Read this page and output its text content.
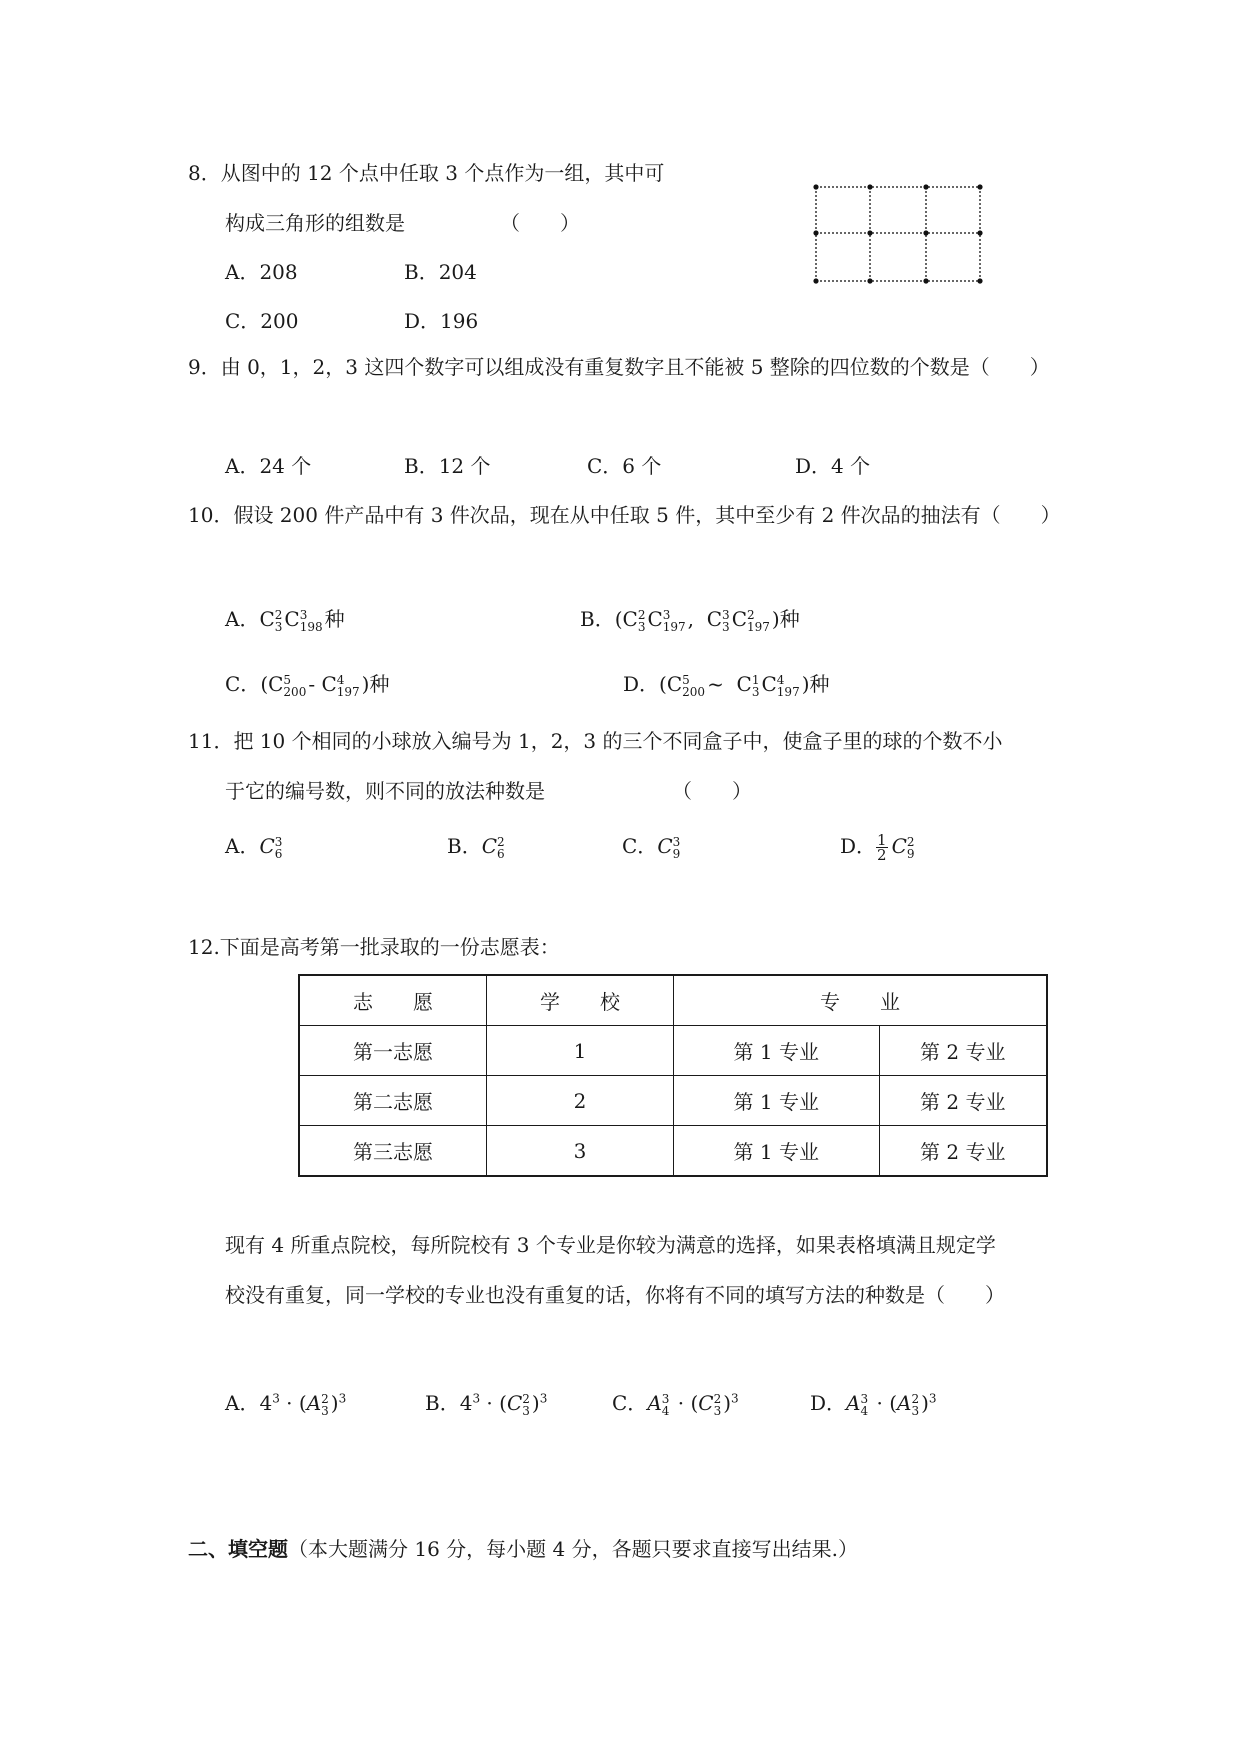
8．从图中的 12 个点中任取 3 个点作为一组，其中可
构成三角形的组数是	（　　）
A．208	B．204
C．200	D．196
9．由 0，1，2，3 这四个数字可以组成没有重复数字且不能被 5 整除的四位数的个数是（　　）
A．24 个	B．12 个	C．6 个	D．4 个
10．假设 200 件产品中有 3 件次品，现在从中任取 5 件，其中至少有 2 件次品的抽法有（　　）
A．C 2
3 C 3
198 种	B．(C 2
3 C 3
197 ,  C 3
3 C 2
197 )种
C．(C 5
200 - C 4
197 )种	D．(C 5
200 ~  C 1
3 C 4
197 )种
11．把 10 个相同的小球放入编号为 1，2，3 的三个不同盒子中，使盒子里的球的个数不小
于它的编号数，则不同的放法种数是	（　　）
A．C 3
6	B．C 2
6	C．C 3
9	D． $\frac{1}{2}$ C 2
9
12.下面是高考第一批录取的一份志愿表：
志　　愿	学　　校	专　　业	
第一志愿	1	第 1 专业	第 2 专业
第二志愿	2	第 1 专业	第 2 专业
第三志愿	3	第 1 专业	第 2 专业
现有 4 所重点院校，每所院校有 3 个专业是你较为满意的选择，如果表格填满且规定学
校没有重复，同一学校的专业也没有重复的话，你将有不同的填写方法的种数是（　　）
A．$4^3 \cdot (A$ 2
3 )$^3$	B．$4^3 \cdot (C$ 2
3 )$^3$	C．A 3
4 · (C 2
3 )$^3$	D．A 3
4 · (A 2
3 )$^3$
二、填空题（本大题满分 16 分，每小题 4 分，各题只要求直接写出结果.）
